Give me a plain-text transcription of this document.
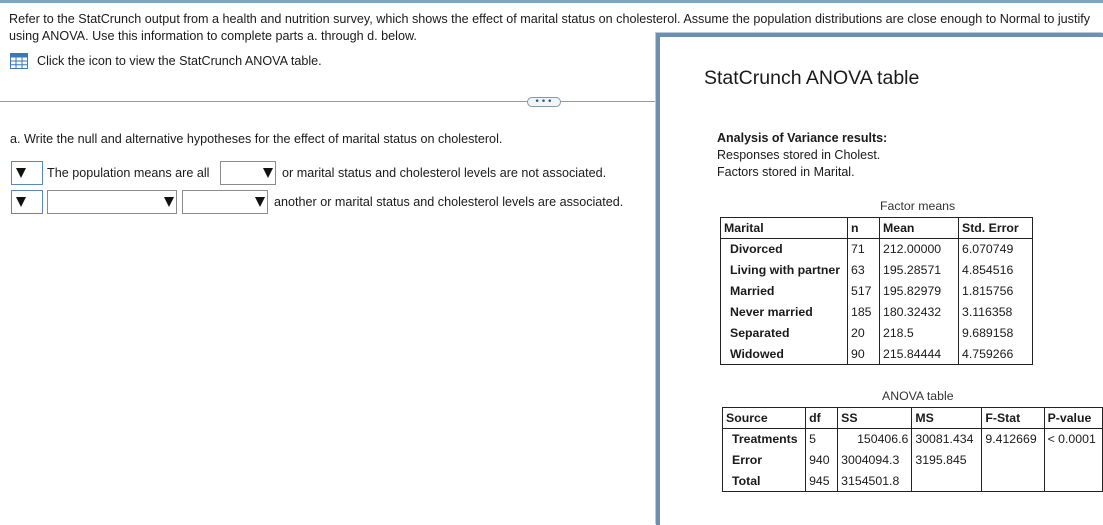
Refer to the StatCrunch output from a health and nutrition survey, which shows the effect of marital status on cholesterol. Assume the population distributions are close enough to Normal to justify using ANOVA. Use this information to complete parts a. through d. below.
Click the icon to view the StatCrunch ANOVA table.
•••
a. Write the null and alternative hypotheses for the effect of marital status on cholesterol.
The population means are all	or marital status and cholesterol levels are not associated.
another or marital status and cholesterol levels are associated.
StatCrunch ANOVA table
Analysis of Variance results:
Responses stored in Cholest.
Factors stored in Marital.
Factor means
Marital	n	Mean	Std. Error
Divorced	71	212.00000	6.070749
Living with partner	63	195.28571	4.854516
Married	517	195.82979	1.815756
Never married	185	180.32432	3.116358
Separated	20	218.5	9.689158
Widowed	90	215.84444	4.759266
ANOVA table
Source	df	SS	MS	F-Stat	P-value
Treatments	5	150406.6	30081.434	9.412669	< 0.0001
Error	940	3004094.3	3195.845		
Total	945	3154501.8			
